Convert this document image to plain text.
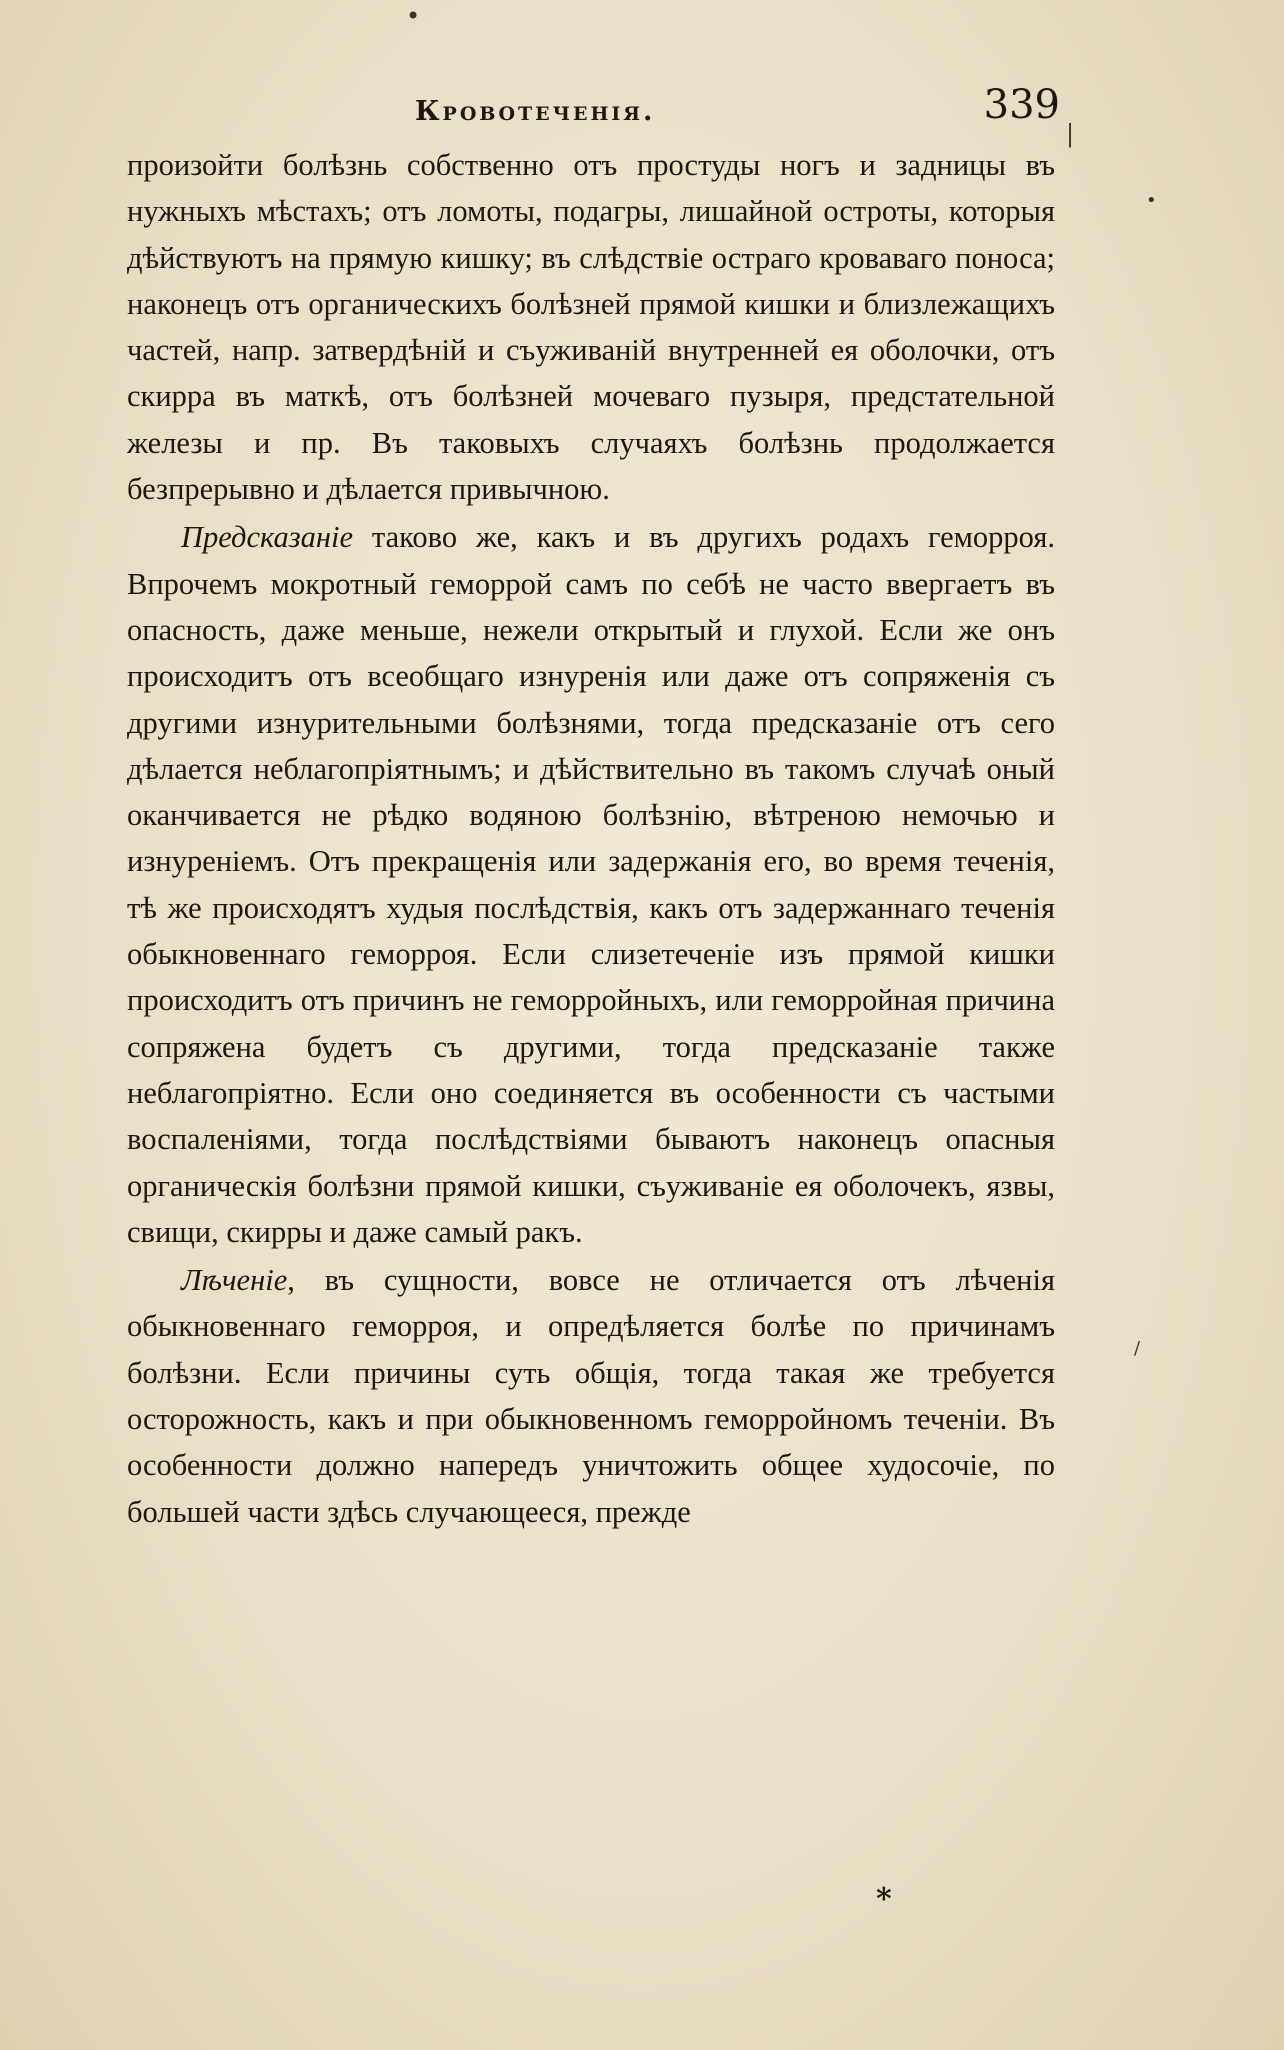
Кровотеченія.	339

произойти болѣзнь собственно отъ простуды ногъ и задницы въ нужныхъ мѣстахъ; отъ ломоты, подагры, лишайной остроты, которыя дѣйствуютъ на прямую кишку; въ слѣдствіе остраго кроваваго поноса; наконецъ отъ органическихъ болѣзней прямой кишки и близлежащихъ частей, напр. затвердѣній и съуживаній внутренней ея оболочки, отъ скирра въ маткѣ, отъ болѣзней мочеваго пузыря, предстательной железы и пр. Въ таковыхъ случаяхъ болѣзнь продолжается безпрерывно и дѣлается привычною.

Предсказаніе таково же, какъ и въ другихъ родахъ геморроя. Впрочемъ мокротный геморрой самъ по себѣ не часто ввергаетъ въ опасность, даже меньше, нежели открытый и глухой. Если же онъ происходитъ отъ всеобщаго изнуренія или даже отъ сопряженія съ другими изнурительными болѣзнями, тогда предсказаніе отъ сего дѣлается неблагопріятнымъ; и дѣйствительно въ такомъ случаѣ оный оканчивается не рѣдко водяною болѣзнію, вѣтреною немочью и изнуреніемъ. Отъ прекращенія или задержанія его, во время теченія, тѣ же происходятъ худыя послѣдствія, какъ отъ задержаннаго теченія обыкновеннаго геморроя. Если слизетеченіе изъ прямой кишки происходитъ отъ причинъ не геморройныхъ, или геморройная причина сопряжена будетъ съ другими, тогда предсказаніе также неблагопріятно. Если оно соединяется въ особенности съ частыми воспаленіями, тогда послѣдствіями бываютъ наконецъ опасныя органическія болѣзни прямой кишки, съуживаніе ея оболочекъ, язвы, свищи, скирры и даже самый ракъ.

Лѣченіе, въ сущности, вовсе не отличается отъ лѣченія обыкновеннаго геморроя, и опредѣляется болѣе по причинамъ болѣзни. Если причины суть общія, тогда такая же требуется осторожность, какъ и при обыкновенномъ геморройномъ теченіи. Въ особенности должно напередъ уничтожить общее худосочіе, по большей части здѣсь случающееся, прежде

*
•
|
•
/
